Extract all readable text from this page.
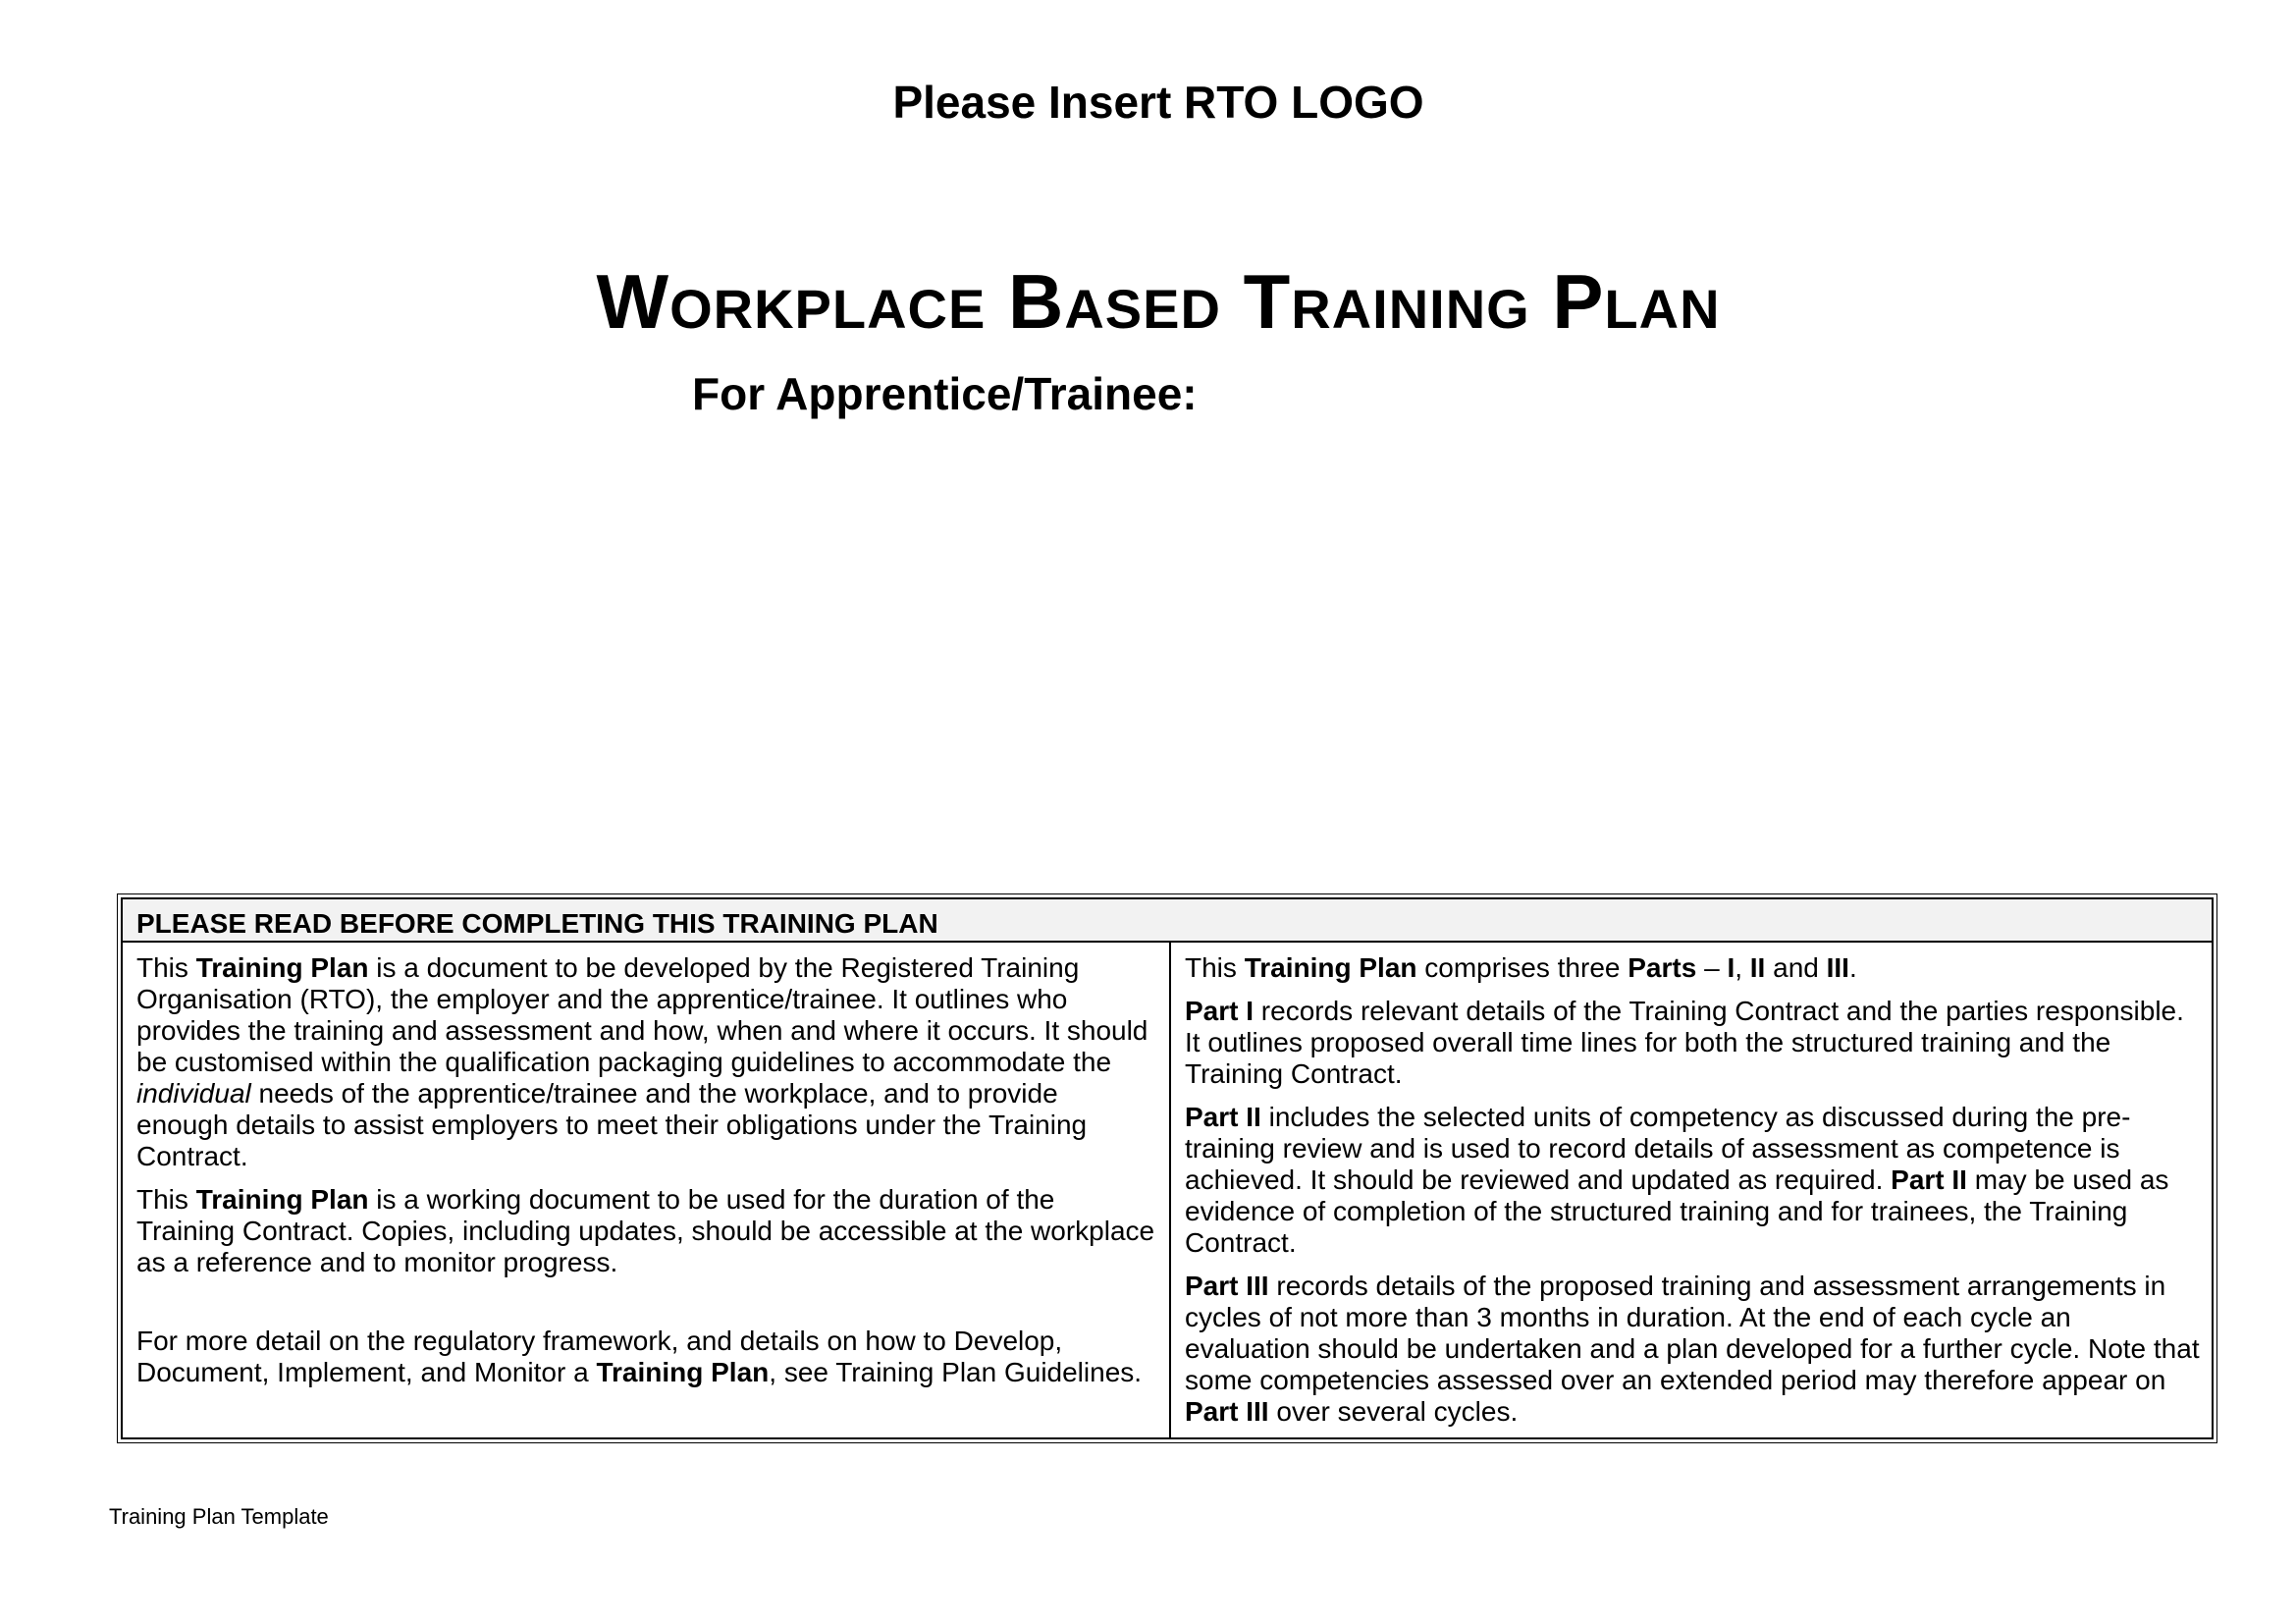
Please Insert RTO LOGO
WORKPLACE BASED TRAINING PLAN
For Apprentice/Trainee:
PLEASE READ BEFORE COMPLETING THIS TRAINING PLAN

This Training Plan is a document to be developed by the Registered Training Organisation (RTO), the employer and the apprentice/trainee. It outlines who provides the training and assessment and how, when and where it occurs. It should be customised within the qualification packaging guidelines to accommodate the individual needs of the apprentice/trainee and the workplace, and to provide enough details to assist employers to meet their obligations under the Training Contract.

This Training Plan is a working document to be used for the duration of the Training Contract. Copies, including updates, should be accessible at the workplace as a reference and to monitor progress.

For more detail on the regulatory framework, and details on how to Develop, Document, Implement, and Monitor a Training Plan, see Training Plan Guidelines.

This Training Plan comprises three Parts – I, II and III.

Part I records relevant details of the Training Contract and the parties responsible. It outlines proposed overall time lines for both the structured training and the Training Contract.

Part II includes the selected units of competency as discussed during the pre-training review and is used to record details of assessment as competence is achieved. It should be reviewed and updated as required. Part II may be used as evidence of completion of the structured training and for trainees, the Training Contract.

Part III records details of the proposed training and assessment arrangements in cycles of not more than 3 months in duration. At the end of each cycle an evaluation should be undertaken and a plan developed for a further cycle. Note that some competencies assessed over an extended period may therefore appear on Part III over several cycles.

Training Plan Template
